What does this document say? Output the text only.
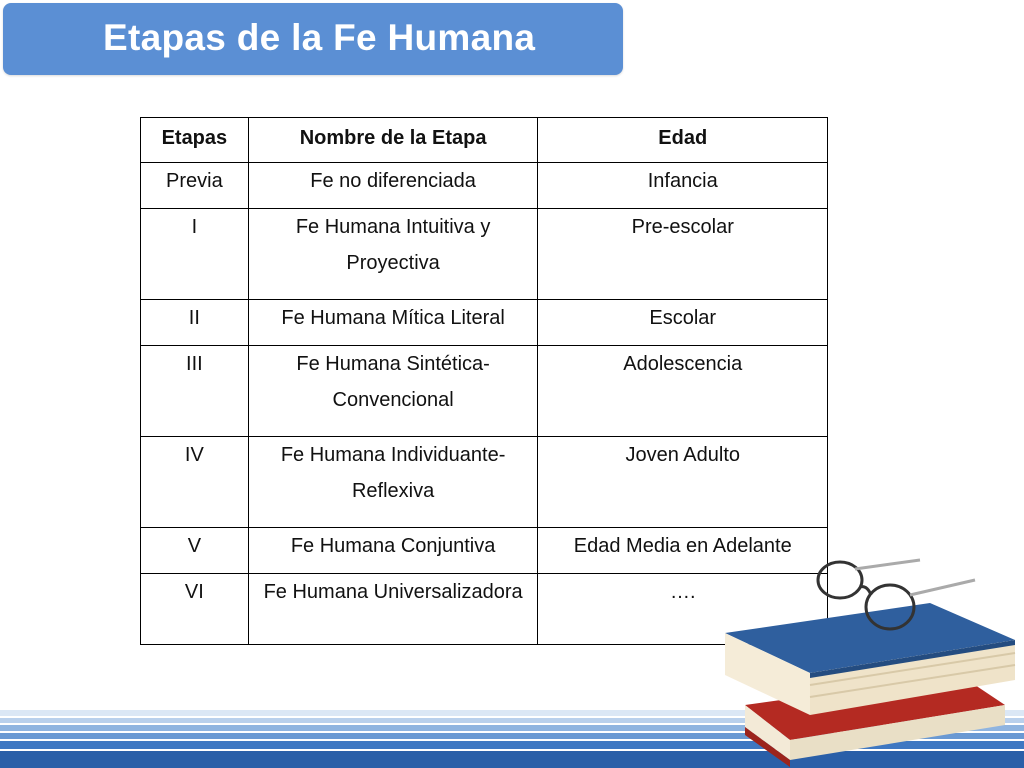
Etapas de la Fe Humana
Etapas	Nombre de la Etapa	Edad
Previa	Fe no diferenciada	Infancia
I	Fe Humana Intuitiva y Proyectiva	Pre-escolar
II	Fe Humana Mítica Literal	Escolar
III	Fe Humana Sintética-Convencional	Adolescencia
IV	Fe Humana Individuante-Reflexiva	Joven Adulto
V	Fe Humana Conjuntiva	Edad Media en Adelante
VI	Fe Humana Universalizadora	….
